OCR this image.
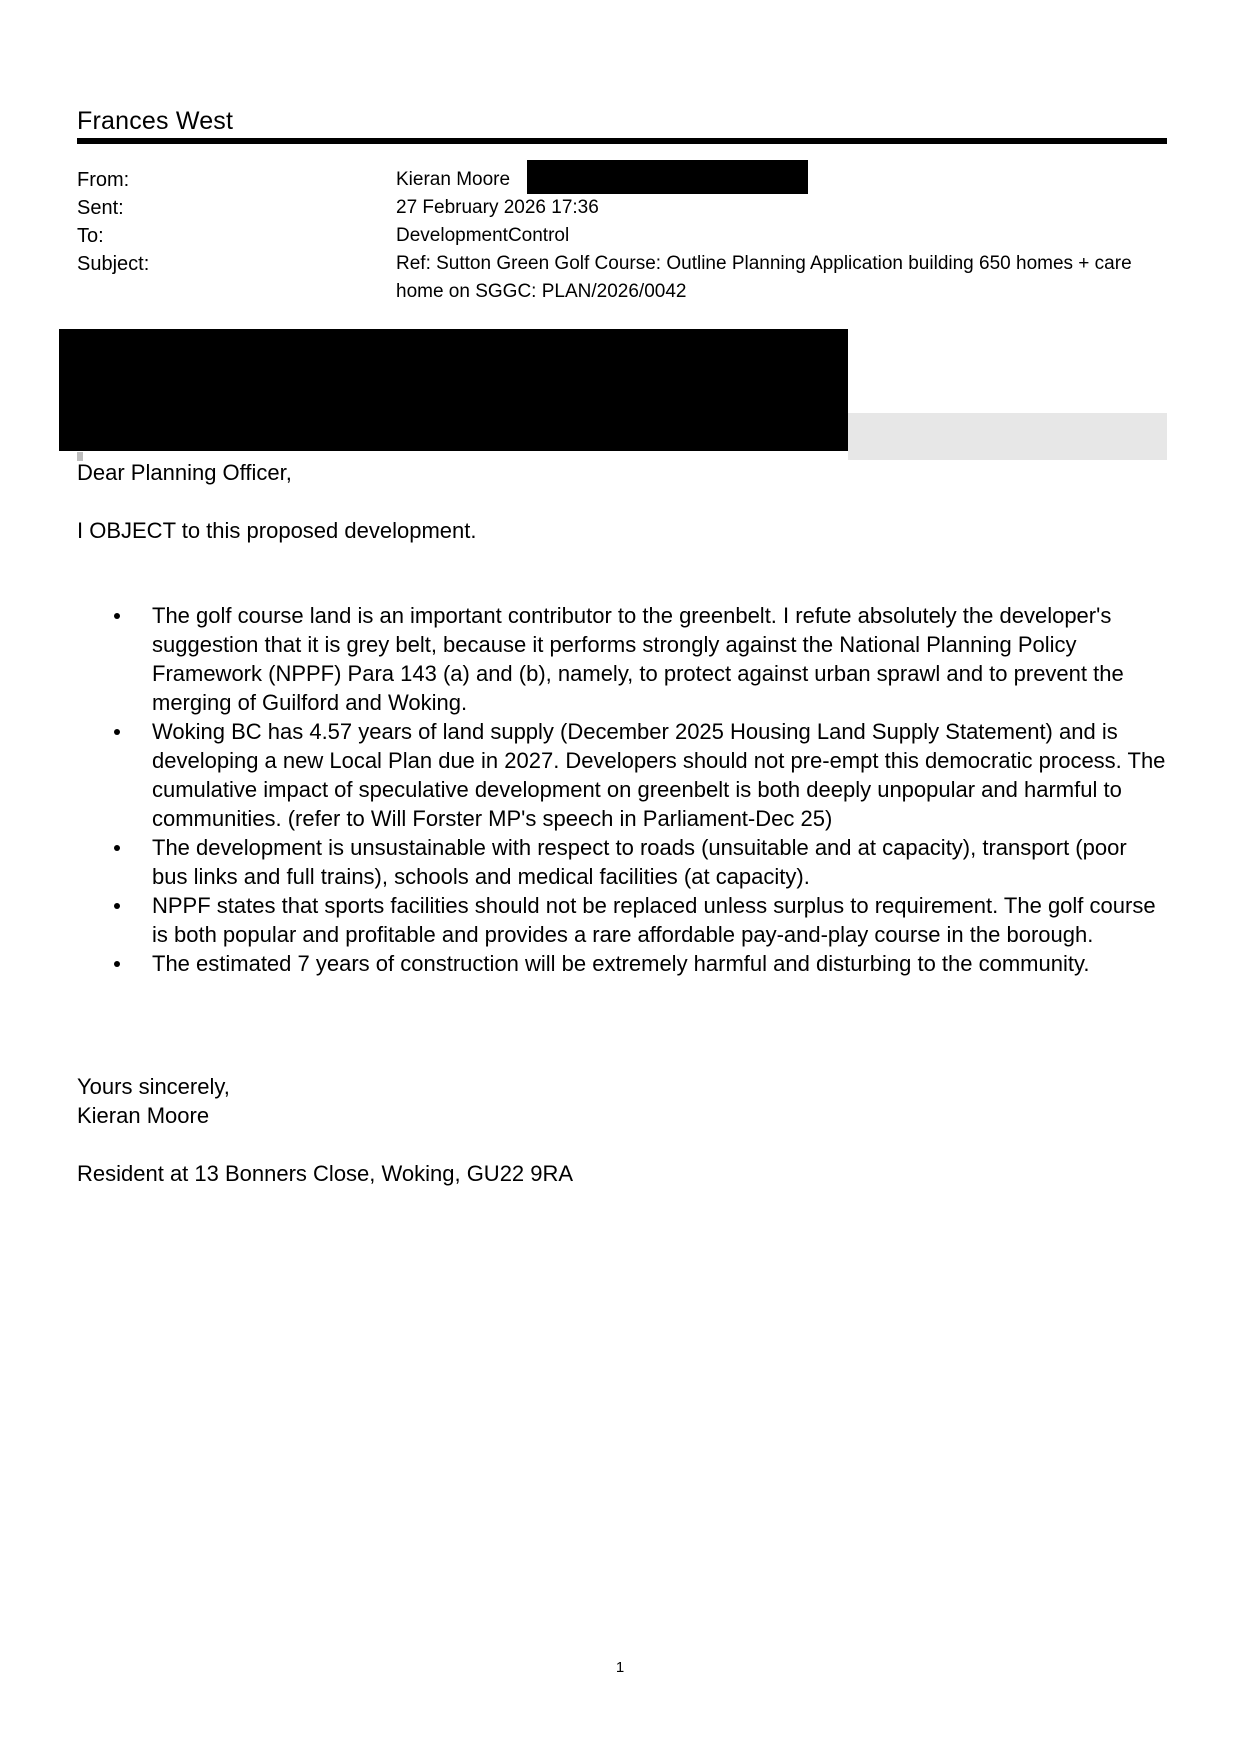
Frances West
From:	Kieran Moore
Sent:	27 February 2026 17:36
To:	DevelopmentControl
Subject:	Ref: Sutton Green Golf Course: Outline Planning Application building 650 homes + care home on SGGC: PLAN/2026/0042
Dear Planning Officer,
I OBJECT to this proposed development.
The golf course land is an important contributor to the greenbelt. I refute absolutely the developer's suggestion that it is grey belt, because it performs strongly against the National Planning Policy Framework (NPPF) Para 143 (a) and (b), namely, to protect against urban sprawl and to prevent the merging of Guilford and Woking.
Woking BC has 4.57 years of land supply (December 2025 Housing Land Supply Statement) and is developing a new Local Plan due in 2027. Developers should not pre-empt this democratic process. The cumulative impact of speculative development on greenbelt is both deeply unpopular and harmful to communities. (refer to Will Forster MP's speech in Parliament-Dec 25)
The development is unsustainable with respect to roads (unsuitable and at capacity), transport (poor bus links and full trains), schools and medical facilities (at capacity).
NPPF states that sports facilities should not be replaced unless surplus to requirement. The golf course is both popular and profitable and provides a rare affordable pay-and-play course in the borough.
The estimated 7 years of construction will be extremely harmful and disturbing to the community.
Yours sincerely,
Kieran Moore
Resident at 13 Bonners Close, Woking, GU22 9RA
1
